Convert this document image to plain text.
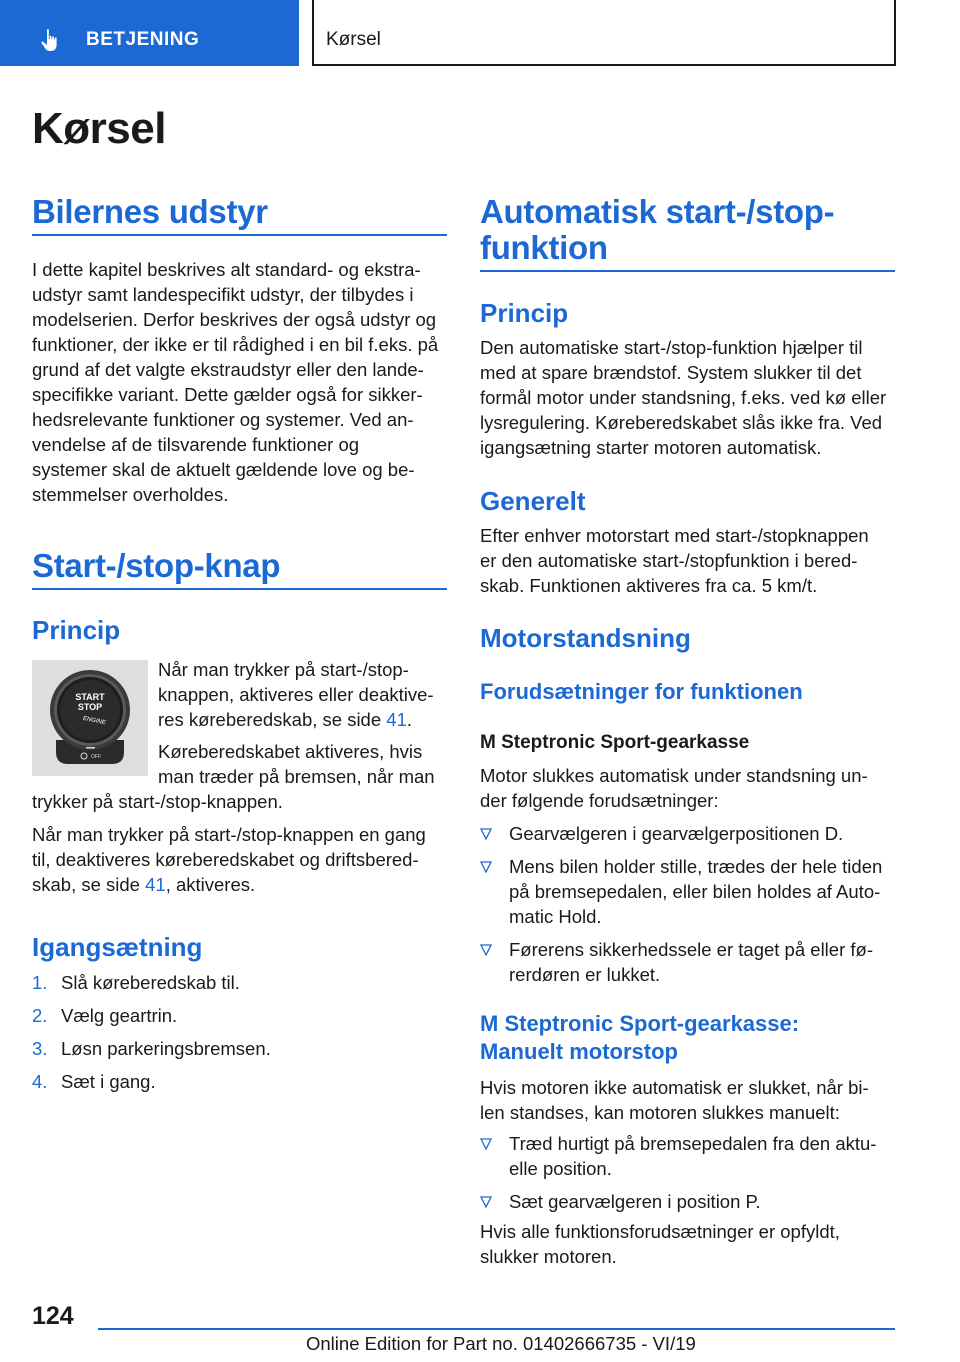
BETJENING	Kørsel
Kørsel
Bilernes udstyr
I dette kapitel beskrives alt standard- og ekstra-
udstyr samt landespecifikt udstyr, der tilbydes i
modelserien. Derfor beskrives der også udstyr og
funktioner, der ikke er til rådighed i en bil f.eks. på
grund af det valgte ekstraudstyr eller den lande-
specifikke variant. Dette gælder også for sikker-
hedsrelevante funktioner og systemer. Ved an-
vendelse af de tilsvarende funktioner og
systemer skal de aktuelt gældende love og be-
stemmelser overholdes.
Start-/stop-knap
Princip
START
STOP
ENGINE
OFF
Når man trykker på start-/stop-
knappen, aktiveres eller deaktive-
res køreberedskab, se side 41.
Køreberedskabet aktiveres, hvis
man træder på bremsen, når man
trykker på start-/stop-knappen.
Når man trykker på start-/stop-knappen en gang
til, deaktiveres køreberedskabet og driftsbered-
skab, se side 41, aktiveres.
Igangsætning
1. Slå køreberedskab til.
2. Vælg geartrin.
3. Løsn parkeringsbremsen.
4. Sæt i gang.
Automatisk start-/stop-
funktion
Princip
Den automatiske start-/stop-funktion hjælper til
med at spare brændstof. System slukker til det
formål motor under standsning, f.eks. ved kø eller
lysregulering. Køreberedskabet slås ikke fra. Ved
igangsætning starter motoren automatisk.
Generelt
Efter enhver motorstart med start-/stopknappen
er den automatiske start-/stopfunktion i bered-
skab. Funktionen aktiveres fra ca. 5 km/t.
Motorstandsning
Forudsætninger for funktionen
M Steptronic Sport-gearkasse
Motor slukkes automatisk under standsning un-
der følgende forudsætninger:
Gearvælgeren i gearvælgerpositionen D.
Mens bilen holder stille, trædes der hele tiden
på bremsepedalen, eller bilen holdes af Auto-
matic Hold.
Førerens sikkerhedssele er taget på eller fø-
rerdøren er lukket.
M Steptronic Sport-gearkasse:
Manuelt motorstop
Hvis motoren ikke automatisk er slukket, når bi-
len standses, kan motoren slukkes manuelt:
Træd hurtigt på bremsepedalen fra den aktu-
elle position.
Sæt gearvælgeren i position P.
Hvis alle funktionsforudsætninger er opfyldt,
slukker motoren.
124
Online Edition for Part no. 01402666735 - VI/19
